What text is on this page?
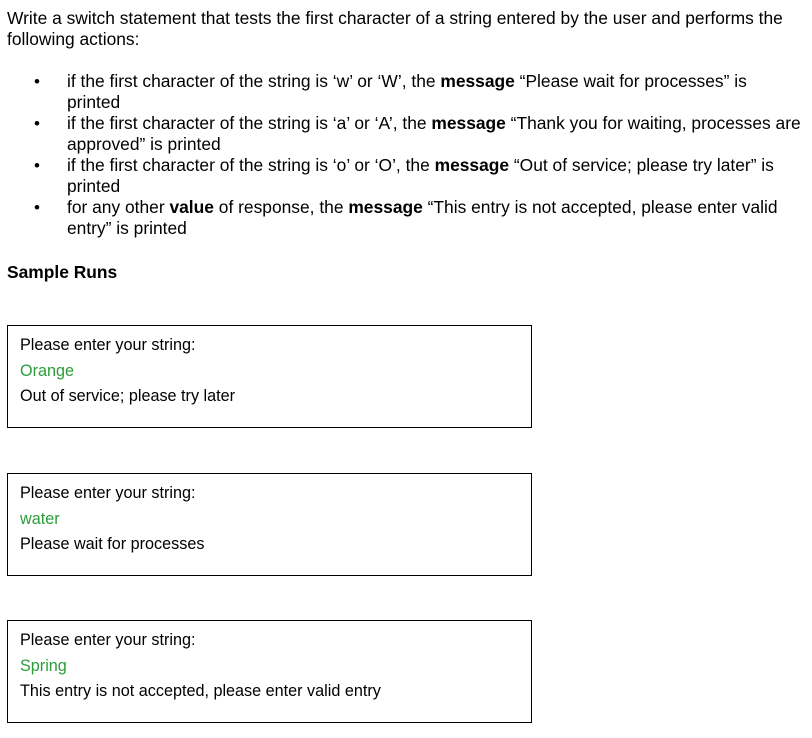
Write a switch statement that tests the first character of a string entered by the user and performs the following actions:

• if the first character of the string is ‘w’ or ‘W’, the message “Please wait for processes” is printed

• if the first character of the string is ‘a’ or ‘A’, the message “Thank you for waiting, processes are approved” is printed

• if the first character of the string is ‘o’ or ‘O’, the message “Out of service; please try later” is printed

• for any other value of response, the message “This entry is not accepted, please enter valid entry” is printed

Sample Runs

Please enter your string:

Orange

Out of service; please try later

Please enter your string:

water

Please wait for processes

Please enter your string:

Spring

This entry is not accepted, please enter valid entry
